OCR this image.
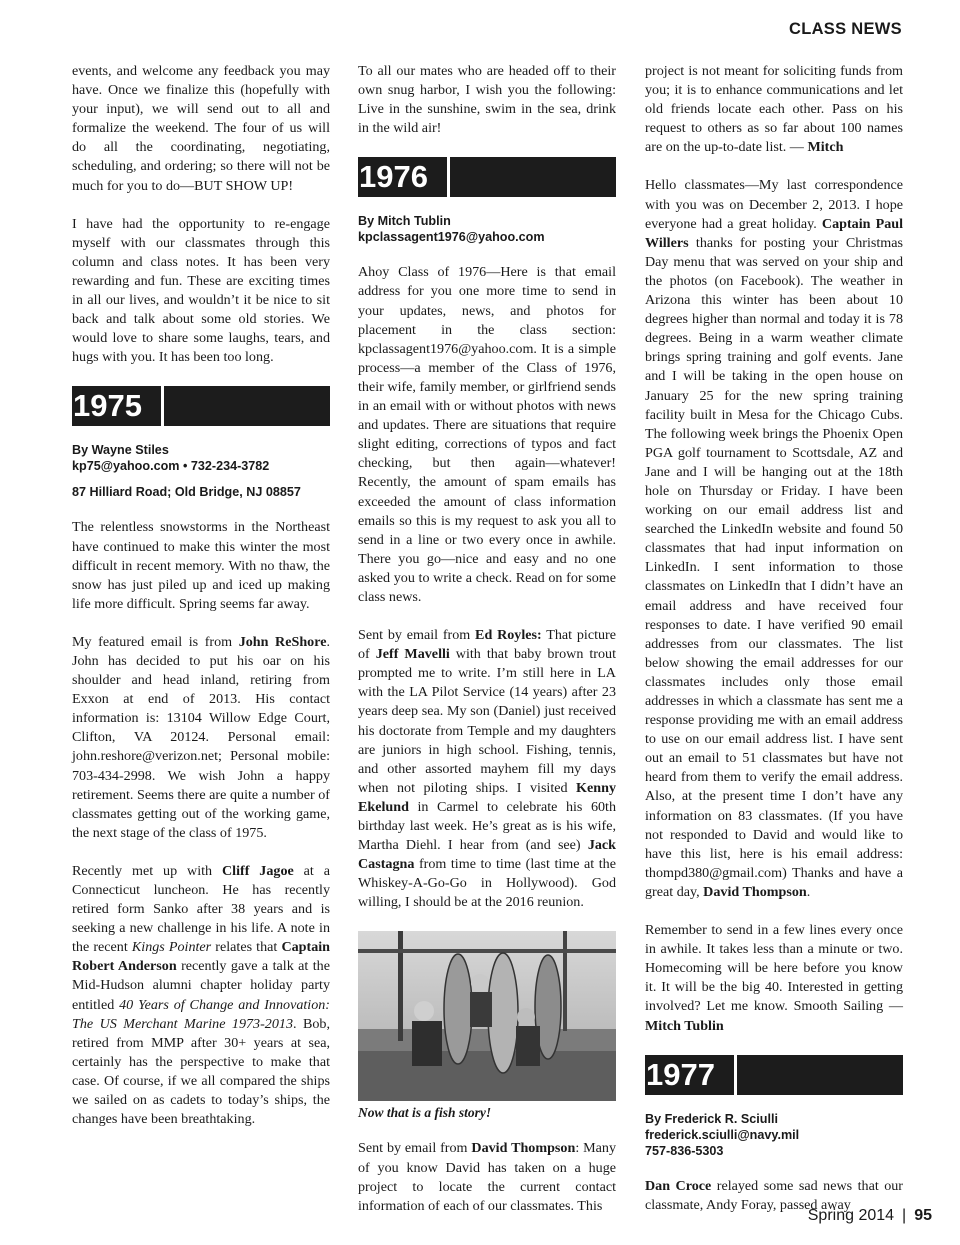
CLASS NEWS

events, and welcome any feedback you may have. Once we finalize this (hopefully with your input), we will send out to all and formalize the weekend. The four of us will do all the coordinating, negotiating, scheduling, and ordering; so there will not be much for you to do—BUT SHOW UP!

I have had the opportunity to re-engage myself with our classmates through this column and class notes. It has been very rewarding and fun. These are exciting times in all our lives, and wouldn’t it be nice to sit back and talk about some old stories. We would love to share some laughs, tears, and hugs with you. It has been too long.

1975
By Wayne Stiles
kp75@yahoo.com • 732-234-3782
87 Hilliard Road; Old Bridge, NJ 08857

The relentless snowstorms in the Northeast have continued to make this winter the most difficult in recent memory. With no thaw, the snow has just piled up and iced up making life more difficult. Spring seems far away.

My featured email is from John ReShore. John has decided to put his oar on his shoulder and head inland, retiring from Exxon at end of 2013. His contact information is: 13104 Willow Edge Court, Clifton, VA 20124. Personal email: john.reshore@verizon.net; Personal mobile: 703-434-2998. We wish John a happy retirement. Seems there are quite a number of classmates getting out of the working game, the next stage of the class of 1975.

Recently met up with Cliff Jagoe at a Connecticut luncheon. He has recently retired form Sanko after 38 years and is seeking a new challenge in his life. A note in the recent Kings Pointer relates that Captain Robert Anderson recently gave a talk at the Mid-Hudson alumni chapter holiday party entitled 40 Years of Change and Innovation: The US Merchant Marine 1973-2013. Bob, retired from MMP after 30+ years at sea, certainly has the perspective to make that case. Of course, if we all compared the ships we sailed on as cadets to today’s ships, the changes have been breathtaking.

To all our mates who are headed off to their own snug harbor, I wish you the following: Live in the sunshine, swim in the sea, drink in the wild air!

1976
By Mitch Tublin
kpclassagent1976@yahoo.com

Ahoy Class of 1976—Here is that email address for you one more time to send in your updates, news, and photos for placement in the class section: kpclassagent1976@yahoo.com. It is a simple process—a member of the Class of 1976, their wife, family member, or girlfriend sends in an email with or without photos with news and updates. There are situations that require slight editing, corrections of typos and fact checking, but then again—whatever! Recently, the amount of spam emails has exceeded the amount of class information emails so this is my request to ask you all to send in a line or two every once in awhile. There you go—nice and easy and no one asked you to write a check. Read on for some class news.

Sent by email from Ed Royles: That picture of Jeff Mavelli with that baby brown trout prompted me to write. I’m still here in LA with the LA Pilot Service (14 years) after 23 years deep sea. My son (Daniel) just received his doctorate from Temple and my daughters are juniors in high school. Fishing, tennis, and other assorted mayhem fill my days when not piloting ships. I visited Kenny Ekelund in Carmel to celebrate his 60th birthday last week. He’s great as is his wife, Martha Diehl. I hear from (and see) Jack Castagna from time to time (last time at the Whiskey-A-Go-Go in Hollywood). God willing, I should be at the 2016 reunion.

Now that is a fish story!

Sent by email from David Thompson: Many of you know David has taken on a huge project to locate the current contact information of each of our classmates. This

project is not meant for soliciting funds from you; it is to enhance communications and let old friends locate each other. Pass on his request to others as so far about 100 names are on the up-to-date list. — Mitch

Hello classmates—My last correspondence with you was on December 2, 2013. I hope everyone had a great holiday. Captain Paul Willers thanks for posting your Christmas Day menu that was served on your ship and the photos (on Facebook). The weather in Arizona this winter has been about 10 degrees higher than normal and today it is 78 degrees. Being in a warm weather climate brings spring training and golf events. Jane and I will be taking in the open house on January 25 for the new spring training facility built in Mesa for the Chicago Cubs. The following week brings the Phoenix Open PGA golf tournament to Scottsdale, AZ and Jane and I will be hanging out at the 18th hole on Thursday or Friday. I have been working on our email address list and searched the LinkedIn website and found 50 classmates that had input information on LinkedIn. I sent information to those classmates on LinkedIn that I didn’t have an email address and have received four responses to date. I have verified 90 email addresses from our classmates. The list below showing the email addresses for our classmates includes only those email addresses in which a classmate has sent me a response providing me with an email address to use on our email address list. I have sent out an email to 51 classmates but have not heard from them to verify the email address. Also, at the present time I don’t have any information on 83 classmates. (If you have not responded to David and would like to have this list, here is his email address: thompd380@gmail.com) Thanks and have a great day, David Thompson.

Remember to send in a few lines every once in awhile. It takes less than a minute or two. Homecoming will be here before you know it. It will be the big 40. Interested in getting involved? Let me know. Smooth Sailing — Mitch Tublin

1977
By Frederick R. Sciulli
frederick.sciulli@navy.mil
757-836-5303

Dan Croce relayed some sad news that our classmate, Andy Foray, passed away

Spring 2014 | 95
